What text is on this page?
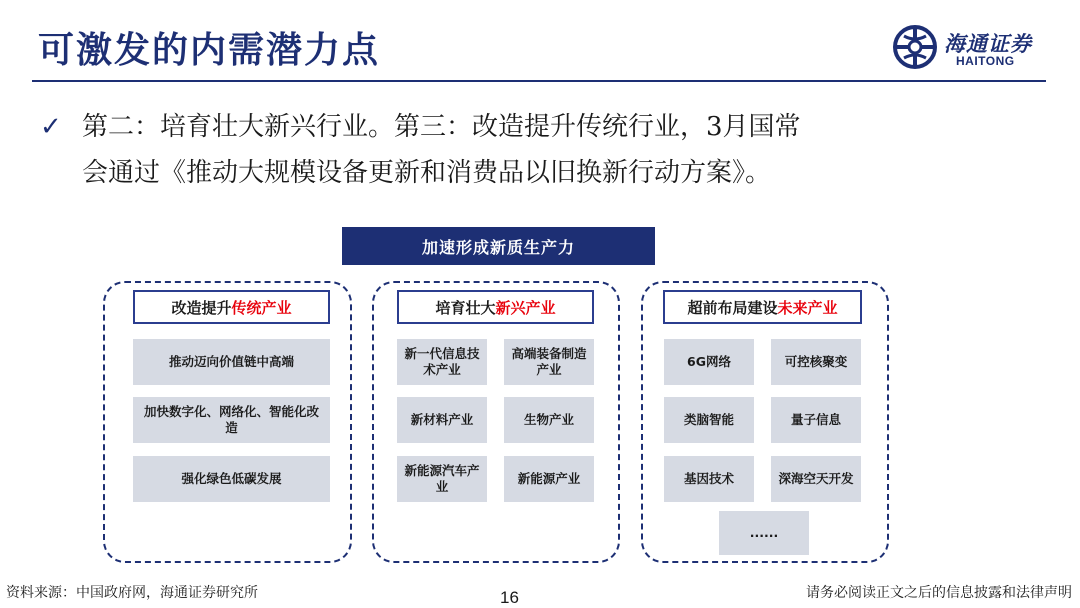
可激发的内需潜力点	海通证券
HAITONG
✓ 第二：培育壮大新兴行业。第三：改造提升传统行业，3月国常
会通过《推动大规模设备更新和消费品以旧换新行动方案》。
加速形成新质生产力
改造提升 传统产业
推动迈向价值链中高端
加快数字化、网络化、智能化改造
强化绿色低碳发展
培育壮大 新兴产业
新一代信息技术产业
高端装备制造产业
新材料产业	生物产业
新能源汽车产业
新能源产业
超前布局建设 未来产业
6G网络	可控核聚变
类脑智能	量子信息
基因技术	深海空天开发
......
资料来源：中国政府网，海通证券研究所	16	请务必阅读正文之后的信息披露和法律声明
